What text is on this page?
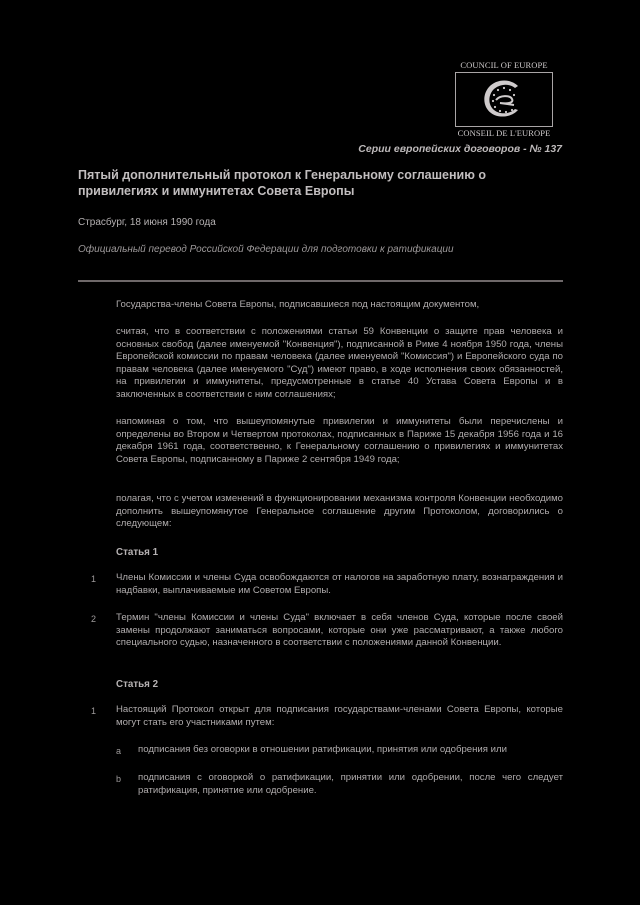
COUNCIL OF EUROPE
CONSEIL DE L'EUROPE
Серии европейских договоров - № 137
Пятый дополнительный протокол к Генеральному соглашению о привилегиях и иммунитетах Совета Европы
Страсбург, 18 июня 1990 года
Официальный перевод Российской Федерации для подготовки к ратификации

Государства-члены Совета Европы, подписавшиеся под настоящим документом,

считая, что в соответствии с положениями статьи 59 Конвенции о защите прав человека и основных свобод (далее именуемой "Конвенция"), подписанной в Риме 4 ноября 1950 года, члены Европейской комиссии по правам человека (далее именуемой "Комиссия") и Европейского суда по правам человека (далее именуемого "Суд") имеют право, в ходе исполнения своих обязанностей, на привилегии и иммунитеты, предусмотренные в статье 40 Устава Совета Европы и в заключенных в соответствии с ним соглашениях;

напоминая о том, что вышеупомянутые привилегии и иммунитеты были перечислены и определены во Втором и Четвертом протоколах, подписанных в Париже 15 декабря 1956 года и 16 декабря 1961 года, соответственно, к Генеральному соглашению о привилегиях и иммунитетах Совета Европы, подписанному в Париже 2 сентября 1949 года;

полагая, что с учетом изменений в функционировании механизма контроля Конвенции необходимо дополнить вышеупомянутое Генеральное соглашение другим Протоколом, договорились о следующем:

Статья 1
1 Члены Комиссии и члены Суда освобождаются от налогов на заработную плату, вознаграждения и надбавки, выплачиваемые им Советом Европы.

2 Термин "члены Комиссии и члены Суда" включает в себя членов Суда, которые после своей замены продолжают заниматься вопросами, которые они уже рассматривают, а также любого специального судью, назначенного в соответствии с положениями данной Конвенции.

Статья 2
1 Настоящий Протокол открыт для подписания государствами-членами Совета Европы, которые могут стать его участниками путем:

a подписания без оговорки в отношении ратификации, принятия или одобрения или

b подписания с оговоркой о ратификации, принятии или одобрении, после чего следует ратификация, принятие или одобрение.
